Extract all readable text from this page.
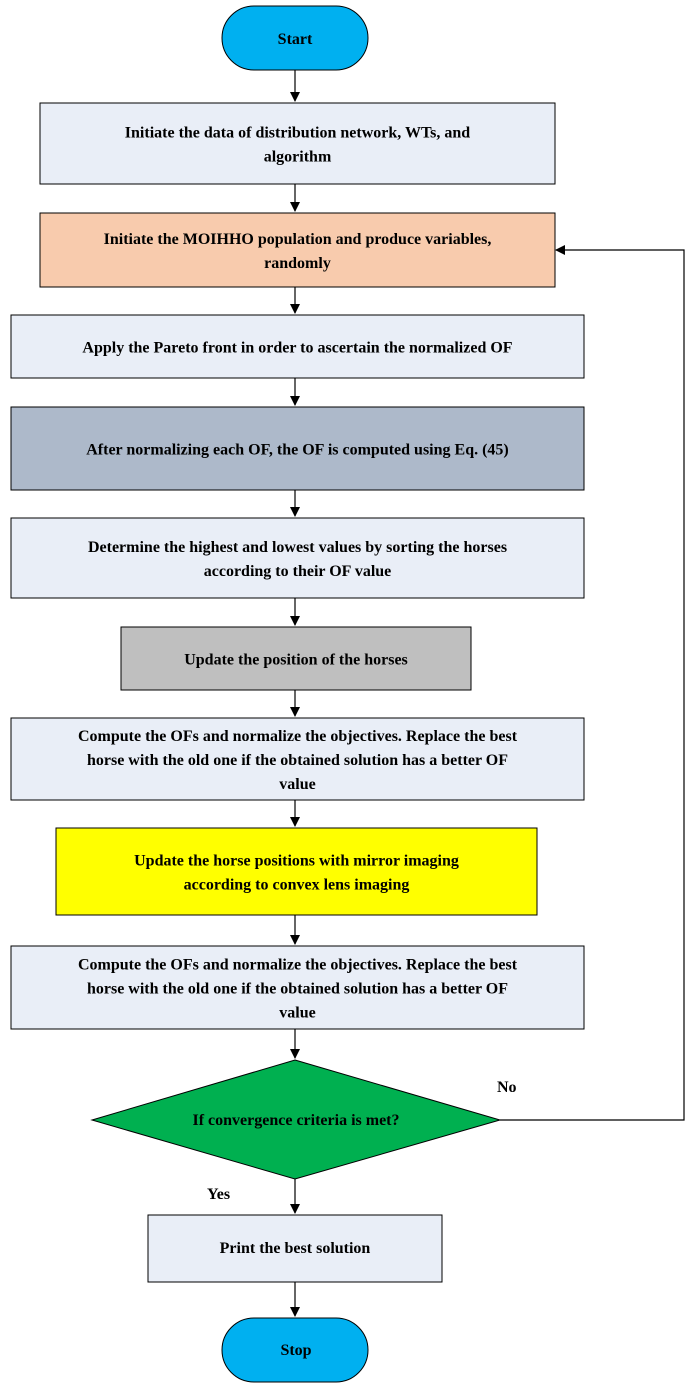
Start
Initiate the data of distribution network, WTs, and
algorithm
Initiate the MOIHHO population and produce variables,
randomly
Apply the Pareto front in order to ascertain the normalized OF
After normalizing each OF, the OF is computed using Eq. (45)
Determine the highest and lowest values by sorting the horses
according to their OF value
Update the position of the horses
Compute the OFs and normalize the objectives. Replace the best
horse with the old one if the obtained solution has a better OF
value
Update the horse positions with mirror imaging
according to convex lens imaging
Compute the OFs and normalize the objectives. Replace the best
horse with the old one if the obtained solution has a better OF
value
If convergence criteria is met?
No
Yes
Print the best solution
Stop
